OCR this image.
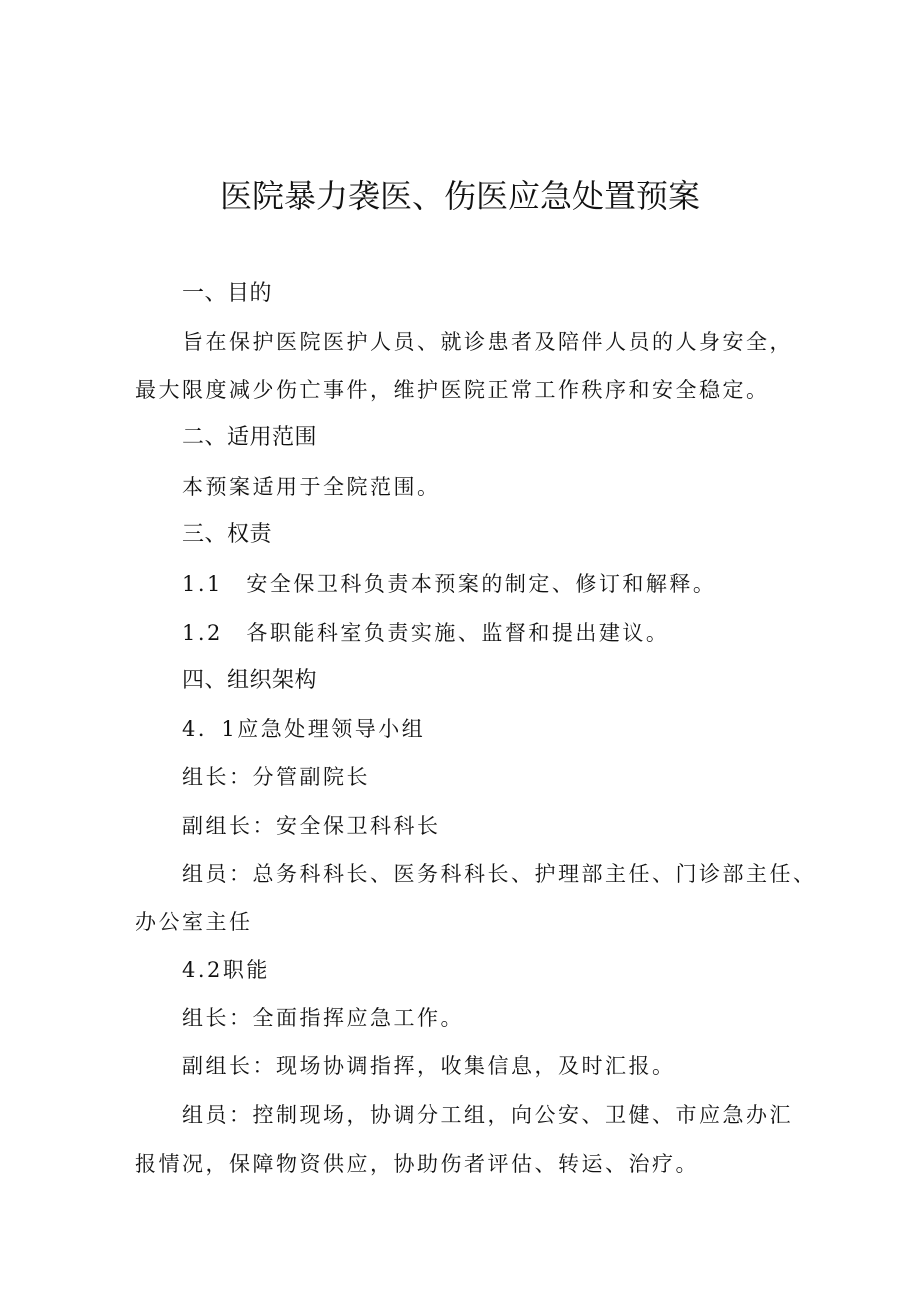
医院暴力袭医、伤医应急处置预案
一、目的
旨在保护医院医护人员、就诊患者及陪伴人员的人身安全，
最大限度减少伤亡事件，维护医院正常工作秩序和安全稳定。
二、适用范围
本预案适用于全院范围。
三、权责
1.1　安全保卫科负责本预案的制定、修订和解释。
1.2　各职能科室负责实施、监督和提出建议。
四、组织架构
4．1应急处理领导小组
组长：分管副院长
副组长：安全保卫科科长
组员：总务科科长、医务科科长、护理部主任、门诊部主任、
办公室主任
4.2职能
组长：全面指挥应急工作。
副组长：现场协调指挥，收集信息，及时汇报。
组员：控制现场，协调分工组，向公安、卫健、市应急办汇
报情况，保障物资供应，协助伤者评估、转运、治疗。
